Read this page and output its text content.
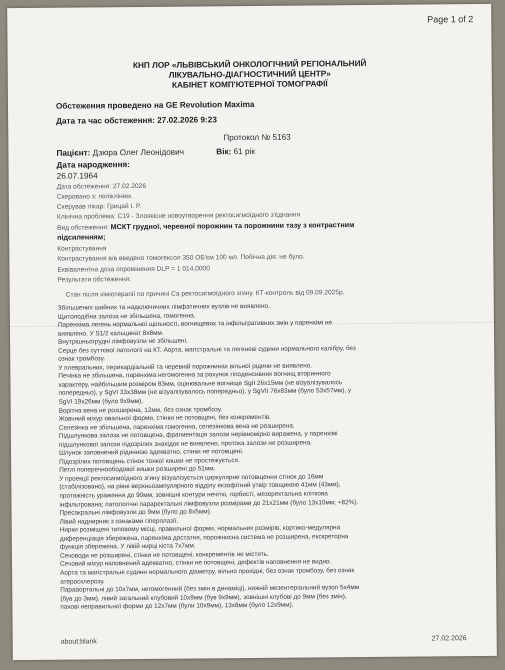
Page 1 of 2
КНП ЛОР «ЛЬВІВСЬКИЙ ОНКОЛОГІЧНИЙ РЕГІОНАЛЬНИЙ
ЛІКУВАЛЬНО-ДІАГНОСТИЧНИЙ ЦЕНТР»
КАБІНЕТ КОМП'ЮТЕРНОЇ ТОМОГРАФІЇ
Обстеження проведено на GE Revolution Maxima
Дата та час обстеження: 27.02.2026 9:23
Протокол № 5163
Пацієнт: Дзюра Олег Леонідович	Вік: 61 рік
Дата народження:
26.07.1964
Дата обстеження: 27.02.2026
Скеровано з: поліклініки.
Скерував лікар: Грицай І. Р.
Клінічна проблема: С19 - Злоякісне новоутворення ректосигмоїдного з'єднання
Вид обстеження: МСКТ грудної, черевної порожнин та порожнини тазу з контрастним
підсиленням;
Контрастування
Контрастування в/в введено томогексол 350 ОБ'єм 100 мл. Побічна дія: не було.
Еквівалентна доза опромінення DLP = 1 014,0000
Результати обстеження:
Стан після хіміотерапії по причині Са ректосигмоїдного згину. КТ-контроль від 09.09.2025р.
Збільшених шийних та надключичних лімфатичних вузлів не виявлено.
Щитоподібна залоза не збільшена, гомогенна.
Паренхіма легень нормальної щільності, вогнищевих та інфільтративних змін у паренхімі не
виявлено. У S1/2 кальцинат 8х8мм.
Внутрішньогрудні лімфовузли не збільшені.
Серце без суттєвої патології на КТ. Аорта, магістральні та легеневі судини нормального калібру, без
ознак тромбозу.
У плевральних, перикардіальній та черевній порожнинах вільної рідини не виявлено.
Печінка не збільшена, паренхіма негомогенна за рахунок гіподенсивних вогнищ вторинного
характеру, найбільшим розміром 83мм, оцінювальне вогнище SgII 26х15мм (не візуалізувалось
попередньо), у SgVI 33х38мм (не візуалізувалось попередньо), у SgVII 76х83мм (було 53х57мм), у
SgVI 19х26мм (було 9х9мм).
Ворітна вена не розширена, 12мм, без ознак тромбозу.
Жовчний міхур овальної форми, стінки не потовщені, без конкрементів.
Селезінка не збільшена, паренхіма гомогенна, селезінкова вена не розширена.
Підшлункова залоза не потовщена, фрагментація залози нерівномірно виражена, у паренхімі
підшлункової залози підозрілих знахідок не виявлено, протока залози не розширена.
Шлунок заповнений рідинною адекватно, стінки не потовщені.
Підозрілих потовщень стінок тонкої кишки не простежується.
Петлі поперечноободової кишки розширені до 51мм.
У проекції ректосигмоїдного згину візуалізується циркулярне потовщення стінок до 16мм
(стабілізовано), на рівні верхньоампулярного відділу екзофітний утвір товщиною 41мм (43мм),
протяжність ураження до 90мм, зовнішні контури нечіткі, горбисті, мезоректальна кліткова
інфільтрована; патологічні параректальні лімфовузли розмірами до 21х21мм (було 13х10мм; +82%).
Пресакральні лімфовузли до 9мм (було до 8х5мм).
Лівий наднирник з ознаками гіперплазії.
Нирки розміщені типовому місці, правильної форми, нормальних розмірів, кортико-медулярна
диференціація збережена, паренхіма достатня, порожнисна система не розширена, екскреторна
функція збережена. У лівій нирці кіста 7х7мм.
Сечоводи не розширені, стінки не потовщені, конкрементів не містять.
Сечовий міхур наповнений адекватно, стінки не потовщені, дефектів наповнення не видно.
Аорта та магістральні судини нормального діаметру, вільно прохідні, без ознак тромбозу, без ознак
атеросклерозу.
Парааортальні до 10х7мм, негомогенний (без змін в динаміці), нижній мезентеріальний вузол 5х4мм
(був до 3мм), лівий загальний клубовий 10х9мм (був 9х9мм), зовнішні клубові до 9мм (без змін),
пахові неправильної форми до 12х7мм (були 10х9мм), 13х8мм (було 12х9мм).
about:blank	27.02.2026
